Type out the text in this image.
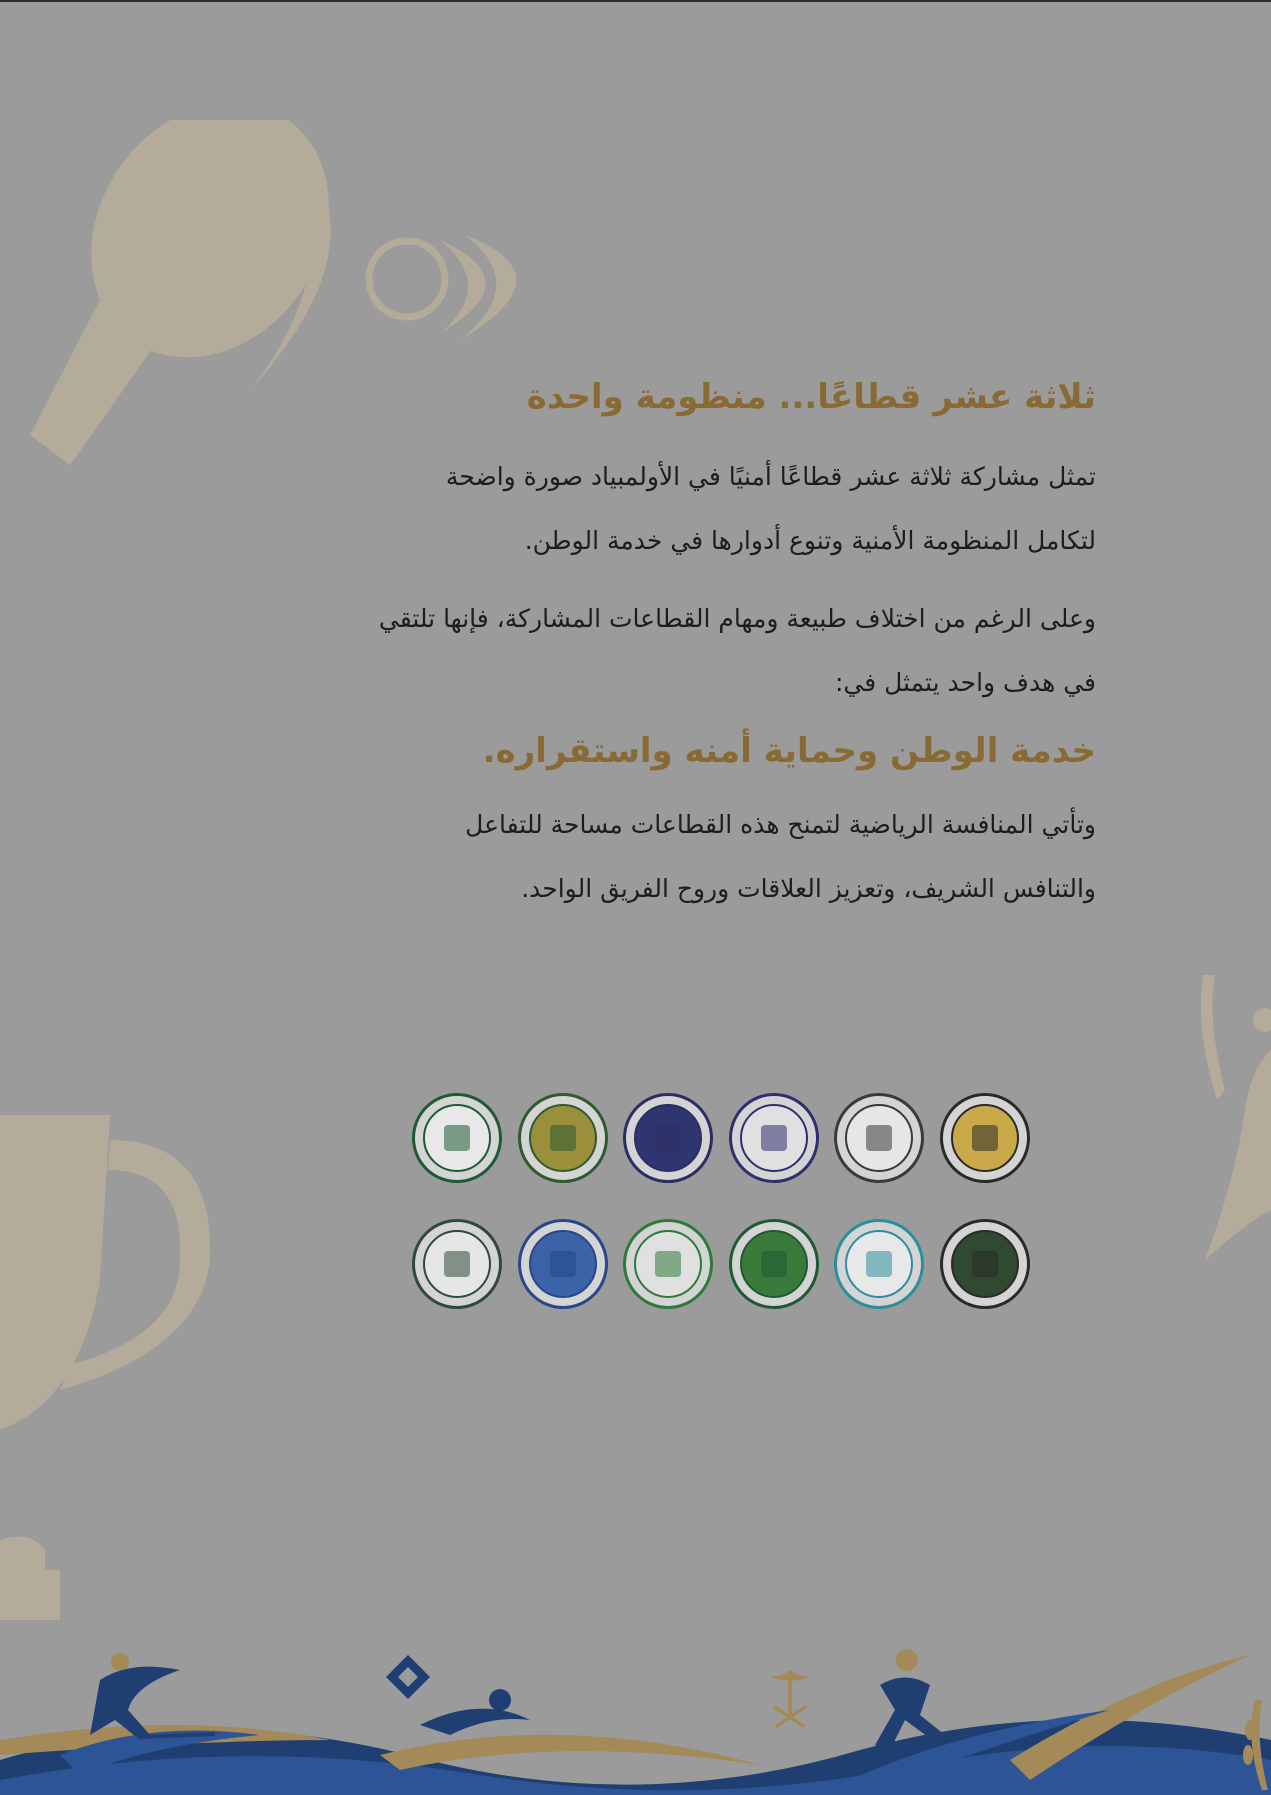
ثلاثة عشر قطاعًا... منظومة واحدة

تمثل مشاركة ثلاثة عشر قطاعًا أمنيًا في الأولمبياد صورة واضحة لتكامل المنظومة الأمنية وتنوع أدوارها في خدمة الوطن.

وعلى الرغم من اختلاف طبيعة ومهام القطاعات المشاركة، فإنها تلتقي في هدف واحد يتمثل في:

خدمة الوطن وحماية أمنه واستقراره.

وتأتي المنافسة الرياضية لتمنح هذه القطاعات مساحة للتفاعل والتنافس الشريف، وتعزيز العلاقات وروح الفريق الواحد.
